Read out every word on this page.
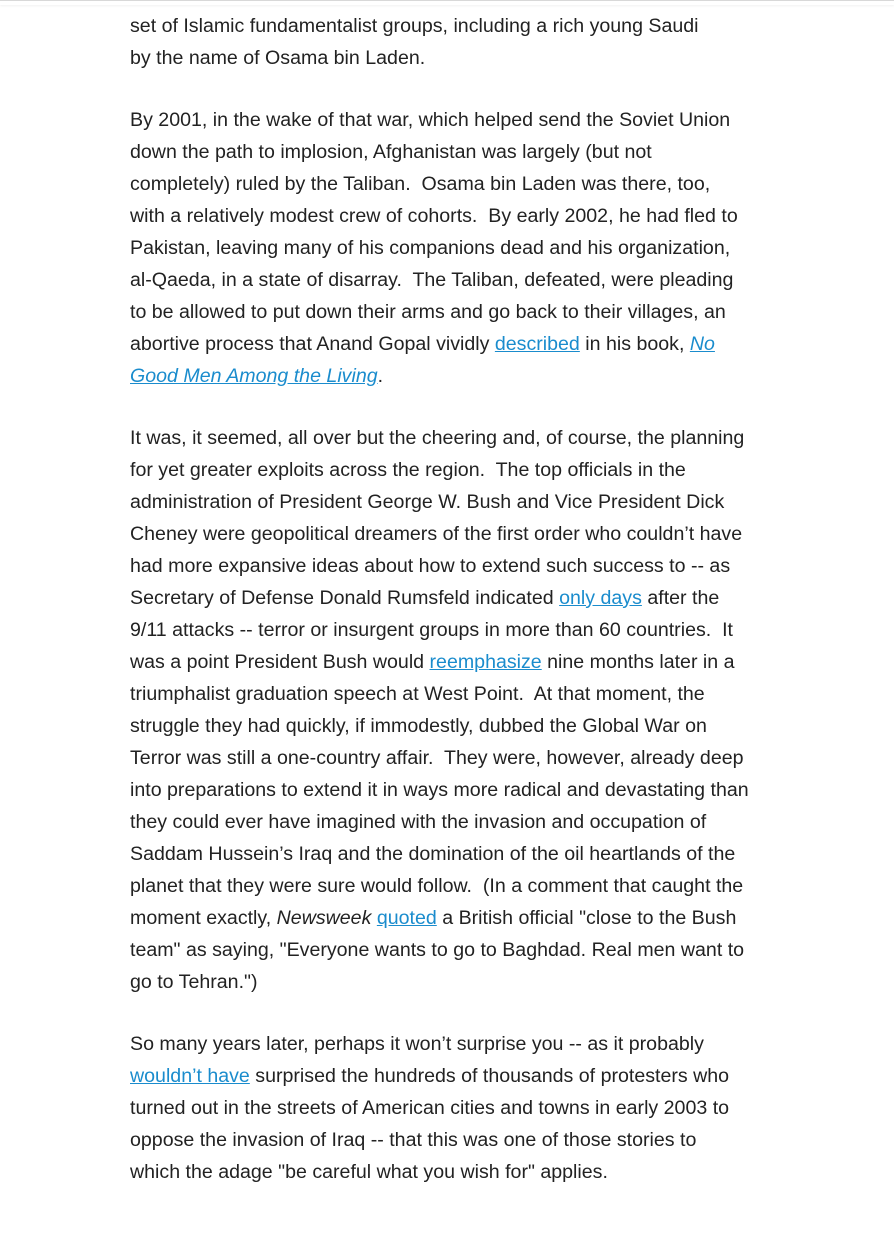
set of Islamic fundamentalist groups, including a rich young Saudi
by the name of Osama bin Laden.

By 2001, in the wake of that war, which helped send the Soviet Union down the path to implosion, Afghanistan was largely (but not completely) ruled by the Taliban.  Osama bin Laden was there, too, with a relatively modest crew of cohorts.  By early 2002, he had fled to Pakistan, leaving many of his companions dead and his organization, al-Qaeda, in a state of disarray.  The Taliban, defeated, were pleading to be allowed to put down their arms and go back to their villages, an abortive process that Anand Gopal vividly described in his book, No Good Men Among the Living.

It was, it seemed, all over but the cheering and, of course, the planning for yet greater exploits across the region.  The top officials in the administration of President George W. Bush and Vice President Dick Cheney were geopolitical dreamers of the first order who couldn’t have had more expansive ideas about how to extend such success to -- as Secretary of Defense Donald Rumsfeld indicated only days after the 9/11 attacks -- terror or insurgent groups in more than 60 countries.  It was a point President Bush would reemphasize nine months later in a triumphalist graduation speech at West Point.  At that moment, the struggle they had quickly, if immodestly, dubbed the Global War on Terror was still a one-country affair.  They were, however, already deep into preparations to extend it in ways more radical and devastating than they could ever have imagined with the invasion and occupation of Saddam Hussein’s Iraq and the domination of the oil heartlands of the planet that they were sure would follow.  (In a comment that caught the moment exactly, Newsweek quoted a British official "close to the Bush team" as saying, "Everyone wants to go to Baghdad. Real men want to go to Tehran.")

So many years later, perhaps it won’t surprise you -- as it probably wouldn’t have surprised the hundreds of thousands of protesters who turned out in the streets of American cities and towns in early 2003 to oppose the invasion of Iraq -- that this was one of those stories to which the adage "be careful what you wish for" applies.
